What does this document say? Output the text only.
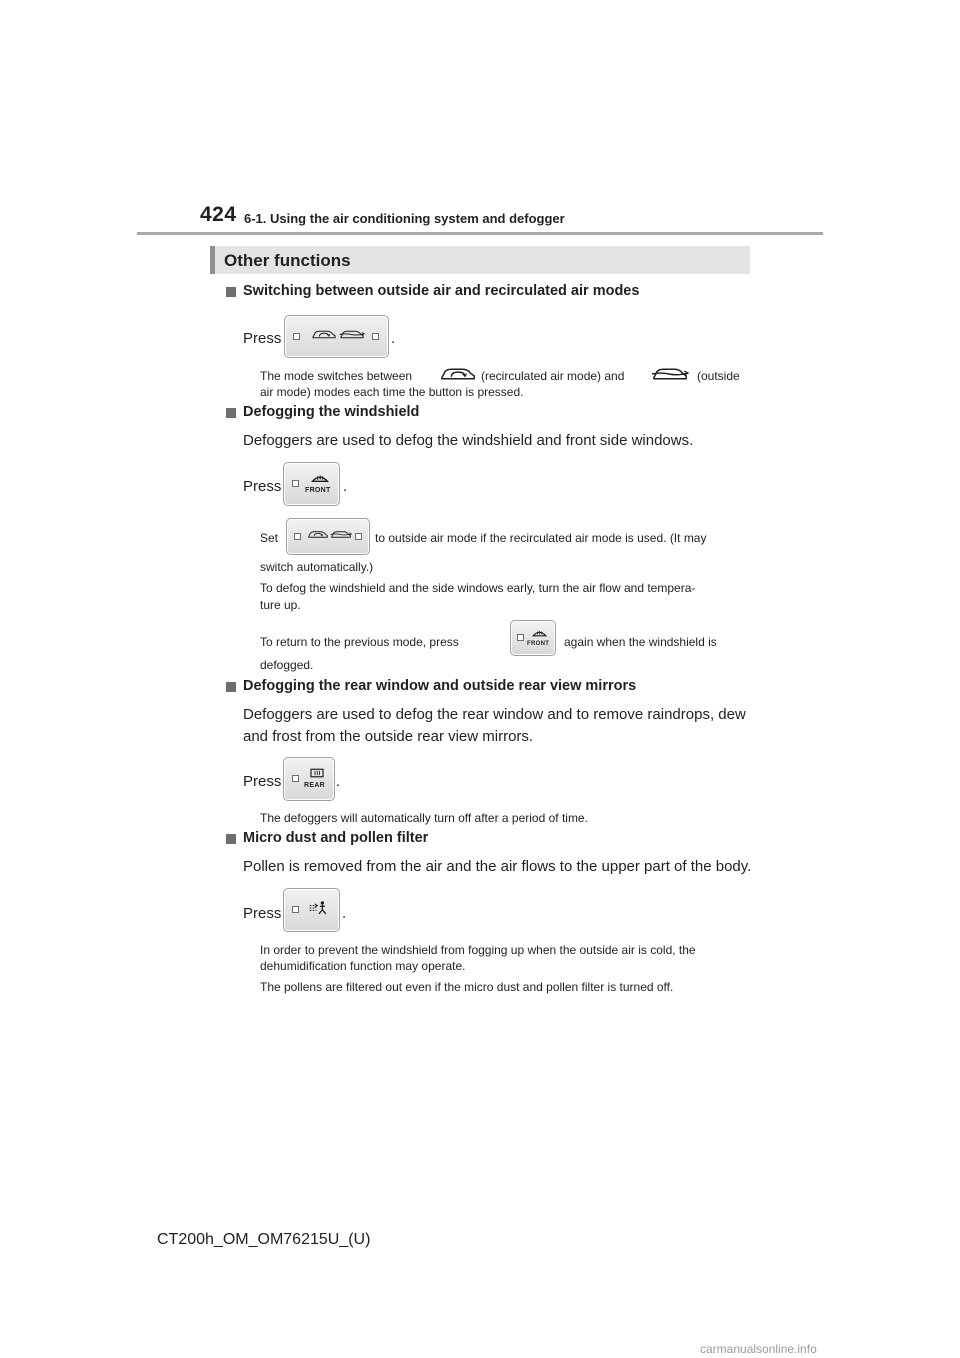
424 6-1. Using the air conditioning system and defogger
Other functions
Switching between outside air and recirculated air modes
Press	.
The mode switches between	(recirculated air mode) and	(outside
air mode) modes each time the button is pressed.
Defogging the windshield
Defoggers are used to defog the windshield and front side windows.
Press	FRONT .
Set	to outside air mode if the recirculated air mode is used. (It may
switch automatically.)
To defog the windshield and the side windows early, turn the air flow and tempera-
ture up.
To return to the previous mode, press	FRONT again when the windshield is
defogged.
Defogging the rear window and outside rear view mirrors
Defoggers are used to defog the rear window and to remove raindrops, dew
and frost from the outside rear view mirrors.
Press	REAR .
The defoggers will automatically turn off after a period of time.
Micro dust and pollen filter
Pollen is removed from the air and the air flows to the upper part of the body.
Press	.
In order to prevent the windshield from fogging up when the outside air is cold, the
dehumidification function may operate.
The pollens are filtered out even if the micro dust and pollen filter is turned off.
CT200h_OM_OM76215U_(U)
carmanualsonline.info
